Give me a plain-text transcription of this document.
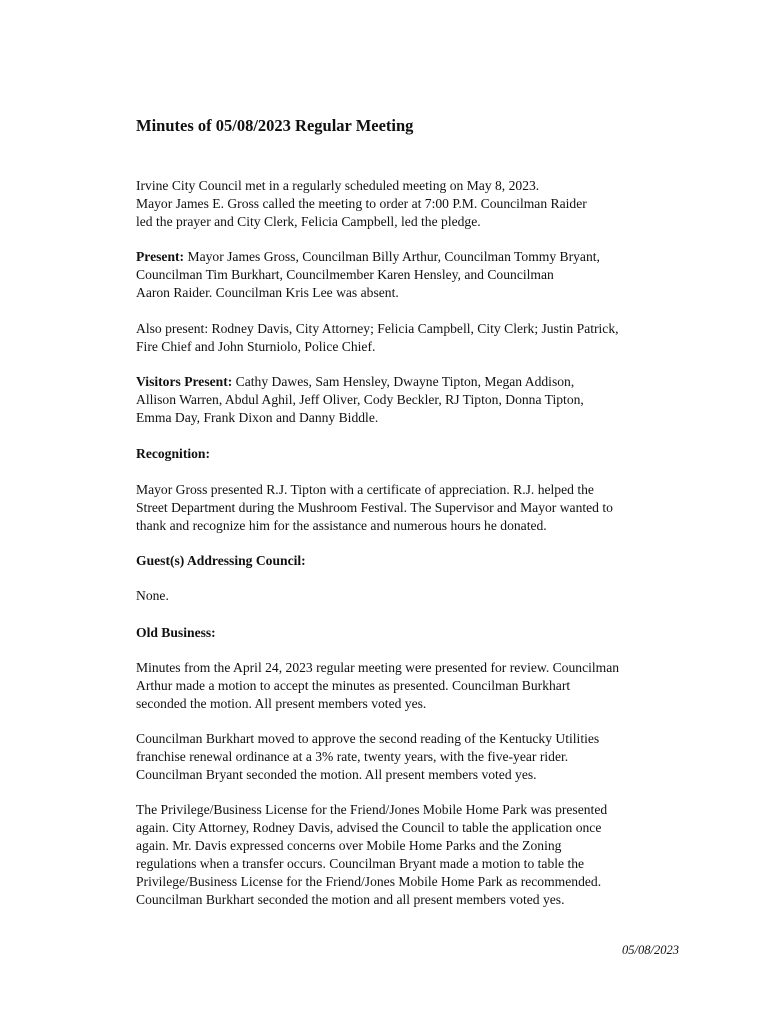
Minutes of 05/08/2023 Regular Meeting

Irvine City Council met in a regularly scheduled meeting on May 8, 2023.
Mayor James E. Gross called the meeting to order at 7:00 P.M. Councilman Raider
led the prayer and City Clerk, Felicia Campbell, led the pledge.

Present: Mayor James Gross, Councilman Billy Arthur, Councilman Tommy Bryant,
Councilman Tim Burkhart, Councilmember Karen Hensley, and Councilman
Aaron Raider. Councilman Kris Lee was absent.

Also present: Rodney Davis, City Attorney; Felicia Campbell, City Clerk; Justin Patrick,
Fire Chief and John Sturniolo, Police Chief.

Visitors Present: Cathy Dawes, Sam Hensley, Dwayne Tipton, Megan Addison,
Allison Warren, Abdul Aghil, Jeff Oliver, Cody Beckler, RJ Tipton, Donna Tipton,
Emma Day, Frank Dixon and Danny Biddle.

Recognition:

Mayor Gross presented R.J. Tipton with a certificate of appreciation. R.J. helped the
Street Department during the Mushroom Festival. The Supervisor and Mayor wanted to
thank and recognize him for the assistance and numerous hours he donated.

Guest(s) Addressing Council:

None.

Old Business:

Minutes from the April 24, 2023 regular meeting were presented for review. Councilman
Arthur made a motion to accept the minutes as presented. Councilman Burkhart
seconded the motion. All present members voted yes.

Councilman Burkhart moved to approve the second reading of the Kentucky Utilities
franchise renewal ordinance at a 3% rate, twenty years, with the five-year rider.
Councilman Bryant seconded the motion. All present members voted yes.

The Privilege/Business License for the Friend/Jones Mobile Home Park was presented
again. City Attorney, Rodney Davis, advised the Council to table the application once
again. Mr. Davis expressed concerns over Mobile Home Parks and the Zoning
regulations when a transfer occurs. Councilman Bryant made a motion to table the
Privilege/Business License for the Friend/Jones Mobile Home Park as recommended.
Councilman Burkhart seconded the motion and all present members voted yes.

05/08/2023
